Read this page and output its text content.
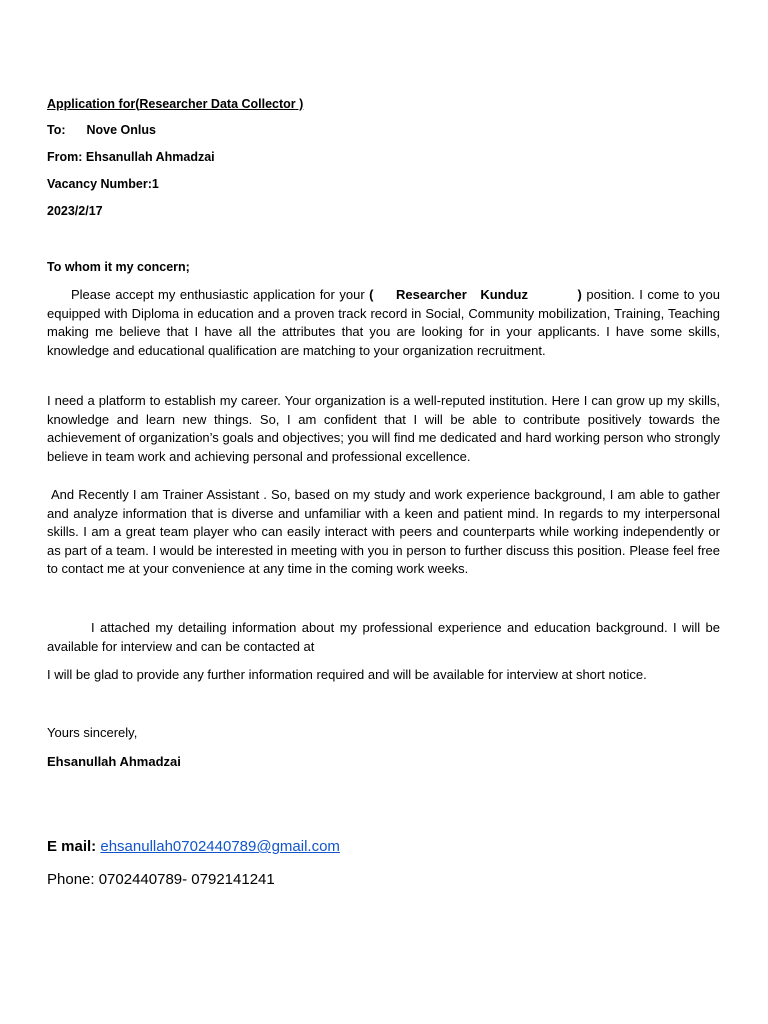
Application for(Researcher Data Collector )
To: Nove Onlus
From: Ehsanullah Ahmadzai
Vacancy Number:1
2023/2/17
To whom it my concern;
Please accept my enthusiastic application for your (     Researcher   Kunduz           ) position. I come to you equipped with Diploma in education and a proven track record in Social, Community mobilization, Training, Teaching making me believe that I have all the attributes that you are looking for in your applicants. I have some skills, knowledge and educational qualification are matching to your organization recruitment.
I need a platform to establish my career. Your organization is a well-reputed institution. Here I can grow up my skills, knowledge and learn new things. So, I am confident that I will be able to contribute positively towards the achievement of organization’s goals and objectives; you will find me dedicated and hard working person who strongly believe in team work and achieving personal and professional excellence.
And Recently I am Trainer Assistant . So, based on my study and work experience background, I am able to gather and analyze information that is diverse and unfamiliar with a keen and patient mind. In regards to my interpersonal skills. I am a great team player who can easily interact with peers and counterparts while working independently or as part of a team. I would be interested in meeting with you in person to further discuss this position. Please feel free to contact me at your convenience at any time in the coming work weeks.
I attached my detailing information about my professional experience and education background. I will be available for interview and can be contacted at
I will be glad to provide any further information required and will be available for interview at short notice.
Yours sincerely,
Ehsanullah Ahmadzai
E mail: ehsanullah0702440789@gmail.com
Phone: 0702440789- 0792141241
